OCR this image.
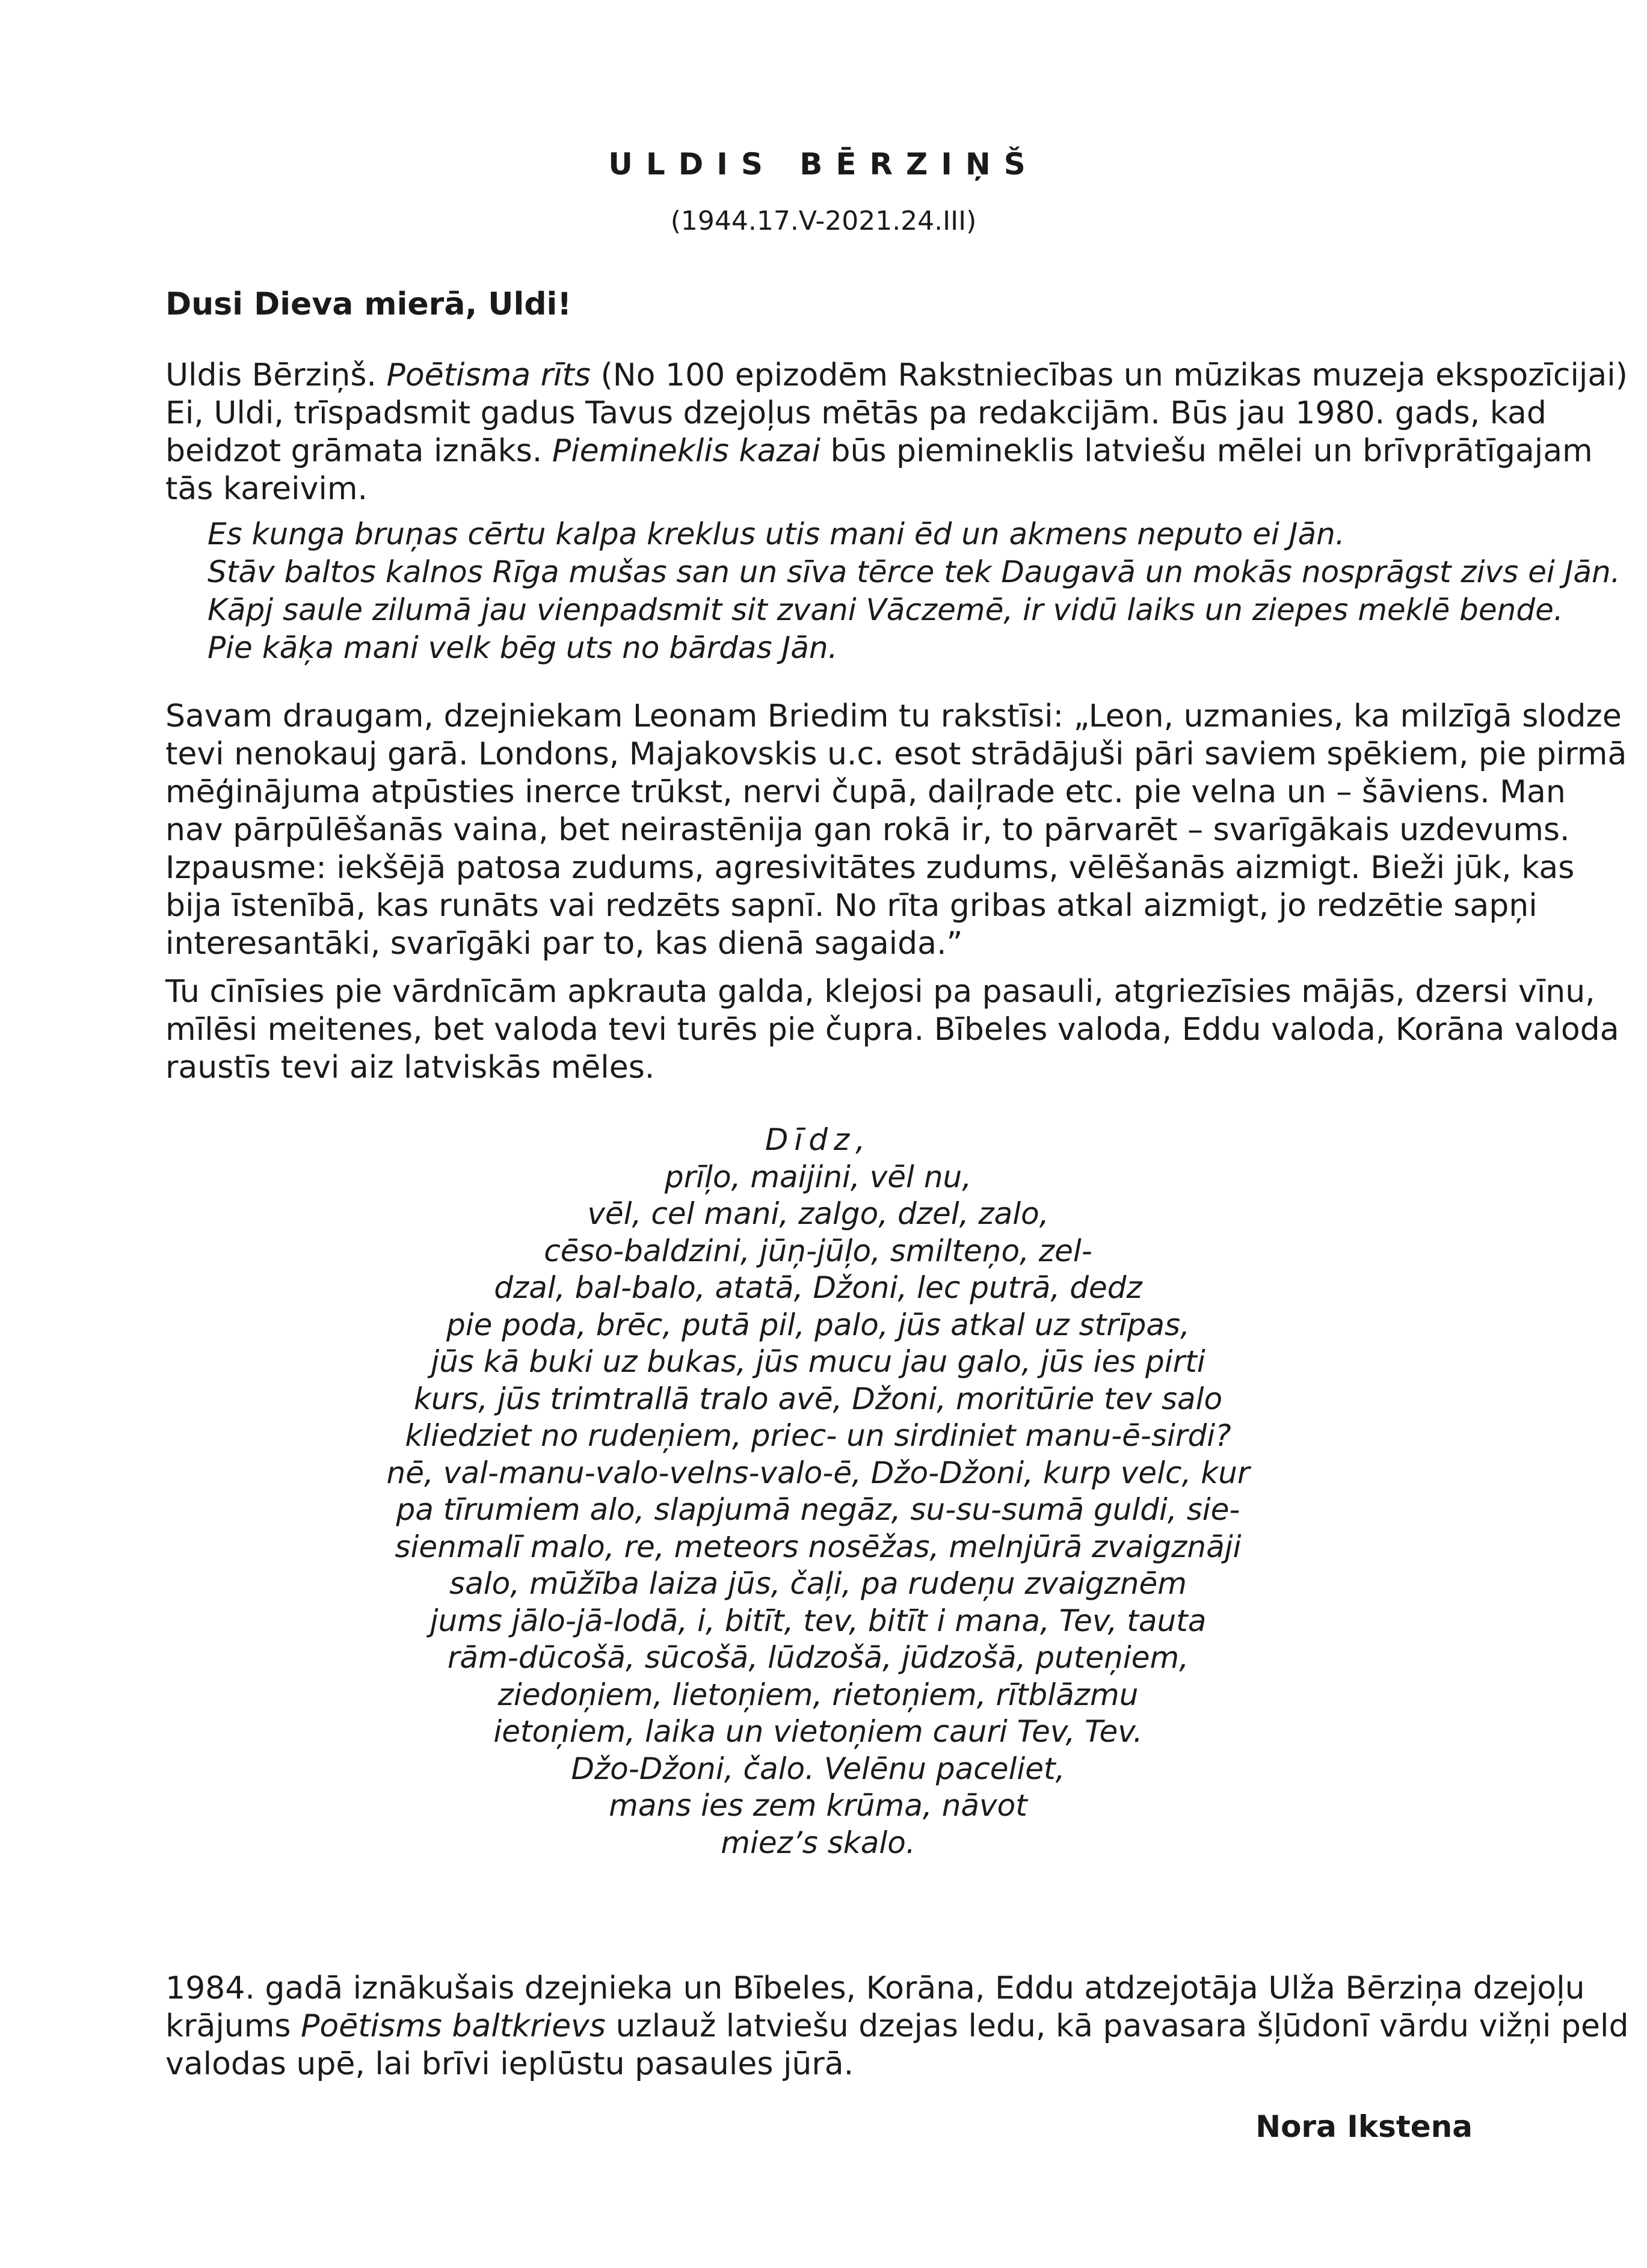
ULDIS BĒRZIŅŠ
(1944.17.V-2021.24.III)

Dusi Dieva mierā, Uldi!

Uldis Bērziņš. Poētisma rīts (No 100 epizodēm Rakstniecības un mūzikas muzeja ekspozīcijai)
Ei, Uldi, trīspadsmit gadus Tavus dzejoļus mētās pa redakcijām. Būs jau 1980. gads, kad
beidzot grāmata iznāks. Piemineklis kazai būs piemineklis latviešu mēlei un brīvprātīgajam
tās kareivim.

Es kunga bruņas cērtu kalpa kreklus utis mani ēd un akmens neputo ei Jān.
Stāv baltos kalnos Rīga mušas san un sīva tērce tek Daugavā un mokās nosprāgst zivs ei Jān.
Kāpj saule zilumā jau vienpadsmit sit zvani Vāczemē, ir vidū laiks un ziepes meklē bende.
Pie kāķa mani velk bēg uts no bārdas Jān.

Savam draugam, dzejniekam Leonam Briedim tu rakstīsi: „Leon, uzmanies, ka milzīgā slodze
tevi nenokauj garā. Londons, Majakovskis u.c. esot strādājuši pāri saviem spēkiem, pie pirmā
mēģinājuma atpūsties inerce trūkst, nervi čupā, daiļrade etc. pie velna un – šāviens. Man
nav pārpūlēšanās vaina, bet neirastēnija gan rokā ir, to pārvarēt – svarīgākais uzdevums.
Izpausme: iekšējā patosa zudums, agresivitātes zudums, vēlēšanās aizmigt. Bieži jūk, kas
bija īstenībā, kas runāts vai redzēts sapnī. No rīta gribas atkal aizmigt, jo redzētie sapņi
interesantāki, svarīgāki par to, kas dienā sagaida.”

Tu cīnīsies pie vārdnīcām apkrauta galda, klejosi pa pasauli, atgriezīsies mājās, dzersi vīnu,
mīlēsi meitenes, bet valoda tevi turēs pie čupra. Bībeles valoda, Eddu valoda, Korāna valoda
raustīs tevi aiz latviskās mēles.

Dīdz,
prīļo, maijini, vēl nu,
vēl, cel mani, zalgo, dzel, zalo,
cēso-baldzini, jūņ-jūļo, smilteņo, zel-
dzal, bal-balo, atatā, Džoni, lec putrā, dedz
pie poda, brēc, putā pil, palo, jūs atkal uz strīpas,
jūs kā buki uz bukas, jūs mucu jau galo, jūs ies pirti
kurs, jūs trimtrallā tralo avē, Džoni, moritūrie tev salo
kliedziet no rudeņiem, priec- un sirdiniet manu-ē-sirdi?
nē, val-manu-valo-velns-valo-ē, Džo-Džoni, kurp velc, kur
pa tīrumiem alo, slapjumā negāz, su-su-sumā guldi, sie-
sienmalī malo, re, meteors nosēžas, melnjūrā zvaigznāji
salo, mūžība laiza jūs, čaļi, pa rudeņu zvaigznēm
jums jālo-jā-lodā, i, bitīt, tev, bitīt i mana, Tev, tauta
rām-dūcošā, sūcošā, lūdzošā, jūdzošā, puteņiem,
ziedoņiem, lietoņiem, rietoņiem, rītblāzmu
ietoņiem, laika un vietoņiem cauri Tev, Tev.
Džo-Džoni, čalo. Velēnu paceliet,
mans ies zem krūma, nāvot
miez’s skalo.

1984. gadā iznākušais dzejnieka un Bībeles, Korāna, Eddu atdzejotāja Ulža Bērziņa dzejoļu
krājums Poētisms baltkrievs uzlauž latviešu dzejas ledu, kā pavasara šļūdonī vārdu vižņi peld
valodas upē, lai brīvi ieplūstu pasaules jūrā.

Nora Ikstena
